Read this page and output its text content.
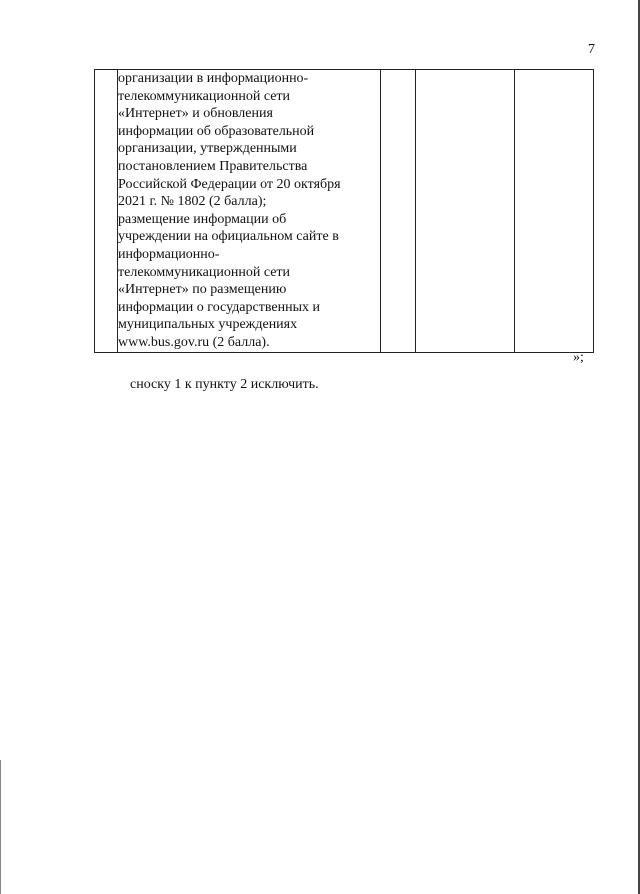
7

организации в информационно-
телекоммуникационной сети
«Интернет» и обновления
информации об образовательной
организации, утвержденными
постановлением Правительства
Российской Федерации от 20 октября
2021 г. № 1802 (2 балла);
размещение информации об
учреждении на официальном сайте в
информационно-
телекоммуникационной сети
«Интернет» по размещению
информации о государственных и
муниципальных учреждениях
www.bus.gov.ru (2 балла).

»;
сноску 1 к пункту 2 исключить.
